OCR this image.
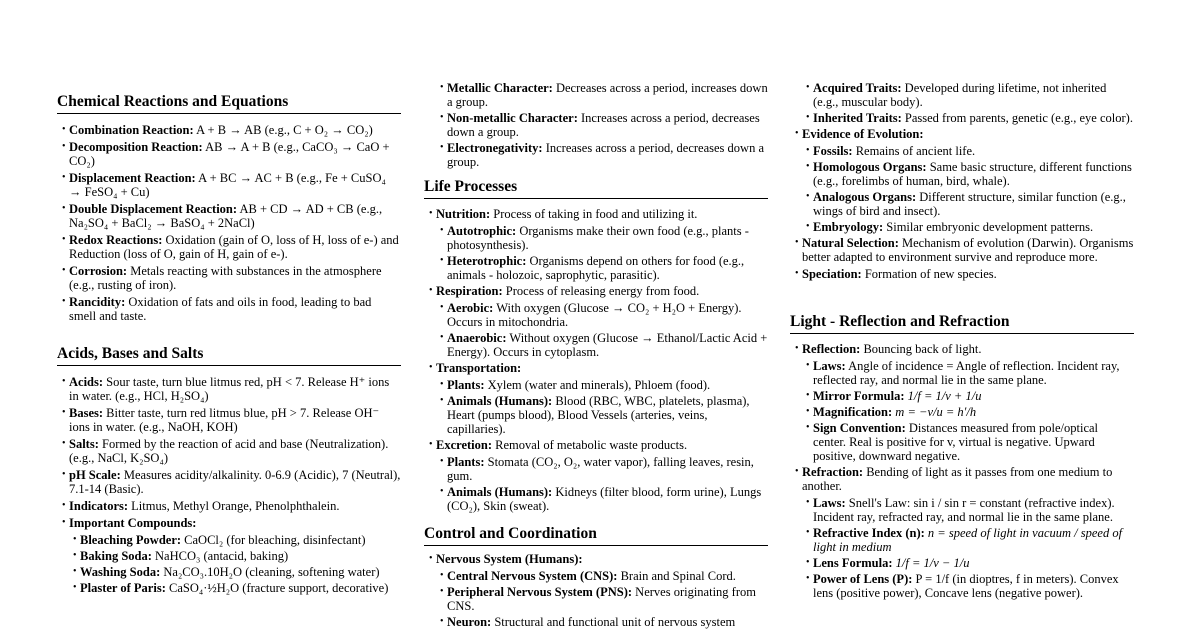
Chemical Reactions and Equations
• Combination Reaction: A + B → AB (e.g., C + O₂ → CO₂)
• Decomposition Reaction: AB → A + B (e.g., CaCO₃ → CaO + CO₂)
• Displacement Reaction: A + BC → AC + B (e.g., Fe + CuSO₄ → FeSO₄ + Cu)
• Double Displacement Reaction: AB + CD → AD + CB (e.g., Na₂SO₄ + BaCl₂ → BaSO₄ + 2NaCl)
• Redox Reactions: Oxidation (gain of O, loss of H, loss of e-) and Reduction (loss of O, gain of H, gain of e-).
• Corrosion: Metals reacting with substances in the atmosphere (e.g., rusting of iron).
• Rancidity: Oxidation of fats and oils in food, leading to bad smell and taste.
Acids, Bases and Salts
• Acids: Sour taste, turn blue litmus red, pH < 7. Release H⁺ ions in water. (e.g., HCl, H₂SO₄)
• Bases: Bitter taste, turn red litmus blue, pH > 7. Release OH⁻ ions in water. (e.g., NaOH, KOH)
• Salts: Formed by the reaction of acid and base (Neutralization). (e.g., NaCl, K₂SO₄)
• pH Scale: Measures acidity/alkalinity. 0-6.9 (Acidic), 7 (Neutral), 7.1-14 (Basic).
• Indicators: Litmus, Methyl Orange, Phenolphthalein.
• Important Compounds:
• Bleaching Powder: CaOCl₂ (for bleaching, disinfectant)
• Baking Soda: NaHCO₃ (antacid, baking)
• Washing Soda: Na₂CO₃.10H₂O (cleaning, softening water)
• Plaster of Paris: CaSO₄·½H₂O (fracture support, decorative)
• Metallic Character: Decreases across a period, increases down a group.
• Non-metallic Character: Increases across a period, decreases down a group.
• Electronegativity: Increases across a period, decreases down a group.
Life Processes
• Nutrition: Process of taking in food and utilizing it.
• Autotrophic: Organisms make their own food (e.g., plants - photosynthesis).
• Heterotrophic: Organisms depend on others for food (e.g., animals - holozoic, saprophytic, parasitic).
• Respiration: Process of releasing energy from food.
• Aerobic: With oxygen (Glucose → CO₂ + H₂O + Energy). Occurs in mitochondria.
• Anaerobic: Without oxygen (Glucose → Ethanol/Lactic Acid + Energy). Occurs in cytoplasm.
• Transportation:
• Plants: Xylem (water and minerals), Phloem (food).
• Animals (Humans): Blood (RBC, WBC, platelets, plasma), Heart (pumps blood), Blood Vessels (arteries, veins, capillaries).
• Excretion: Removal of metabolic waste products.
• Plants: Stomata (CO₂, O₂, water vapor), falling leaves, resin, gum.
• Animals (Humans): Kidneys (filter blood, form urine), Lungs (CO₂), Skin (sweat).
Control and Coordination
• Nervous System (Humans):
• Central Nervous System (CNS): Brain and Spinal Cord.
• Peripheral Nervous System (PNS): Nerves originating from CNS.
• Neuron: Structural and functional unit of nervous system
• Acquired Traits: Developed during lifetime, not inherited (e.g., muscular body).
• Inherited Traits: Passed from parents, genetic (e.g., eye color).
• Evidence of Evolution:
• Fossils: Remains of ancient life.
• Homologous Organs: Same basic structure, different functions (e.g., forelimbs of human, bird, whale).
• Analogous Organs: Different structure, similar function (e.g., wings of bird and insect).
• Embryology: Similar embryonic development patterns.
• Natural Selection: Mechanism of evolution (Darwin). Organisms better adapted to environment survive and reproduce more.
• Speciation: Formation of new species.
Light - Reflection and Refraction
• Reflection: Bouncing back of light.
• Laws: Angle of incidence = Angle of reflection. Incident ray, reflected ray, and normal lie in the same plane.
• Mirror Formula: 1/f = 1/v + 1/u
• Magnification: m = −v/u = h′/h
• Sign Convention: Distances measured from pole/optical center. Real is positive for v, virtual is negative. Upward positive, downward negative.
• Refraction: Bending of light as it passes from one medium to another.
• Laws: Snell's Law: sin i / sin r = constant (refractive index). Incident ray, refracted ray, and normal lie in the same plane.
• Refractive Index (n): n = speed of light in vacuum / speed of light in medium
• Lens Formula: 1/f = 1/v − 1/u
• Power of Lens (P): P = 1/f (in dioptres, f in meters). Convex lens (positive power), Concave lens (negative power).
